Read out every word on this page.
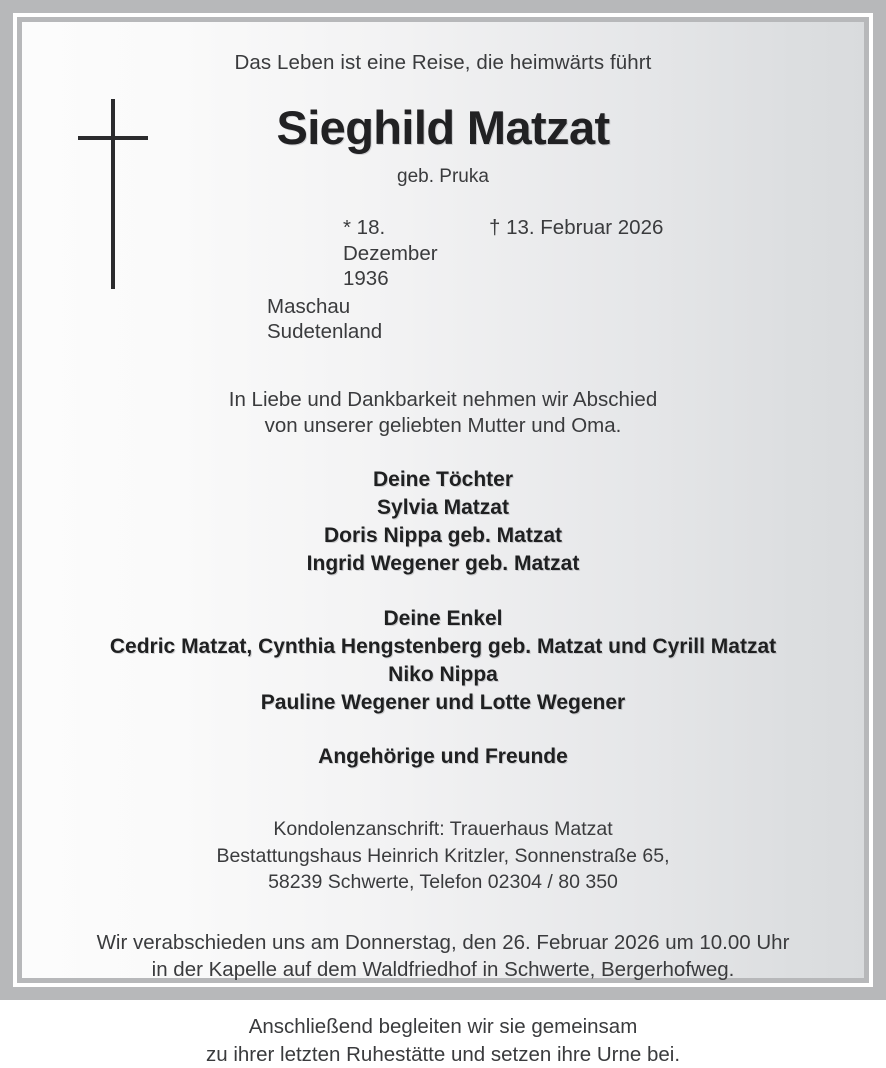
Das Leben ist eine Reise, die heimwärts führt
Sieghild Matzat
geb. Pruka
* 18. Dezember 1936
† 13. Februar 2026
Maschau
Sudetenland
In Liebe und Dankbarkeit nehmen wir Abschied
von unserer geliebten Mutter und Oma.
Deine Töchter
Sylvia Matzat
Doris Nippa geb. Matzat
Ingrid Wegener geb. Matzat
Deine Enkel
Cedric Matzat, Cynthia Hengstenberg geb. Matzat und Cyrill Matzat
Niko Nippa
Pauline Wegener und Lotte Wegener
Angehörige und Freunde
Kondolenzanschrift: Trauerhaus Matzat
Bestattungshaus Heinrich Kritzler, Sonnenstraße 65,
58239 Schwerte, Telefon 02304 / 80 350
Wir verabschieden uns am Donnerstag, den 26. Februar 2026 um 10.00 Uhr
in der Kapelle auf dem Waldfriedhof in Schwerte, Bergerhofweg.
Anschließend begleiten wir sie gemeinsam
zu ihrer letzten Ruhestätte und setzen ihre Urne bei.
